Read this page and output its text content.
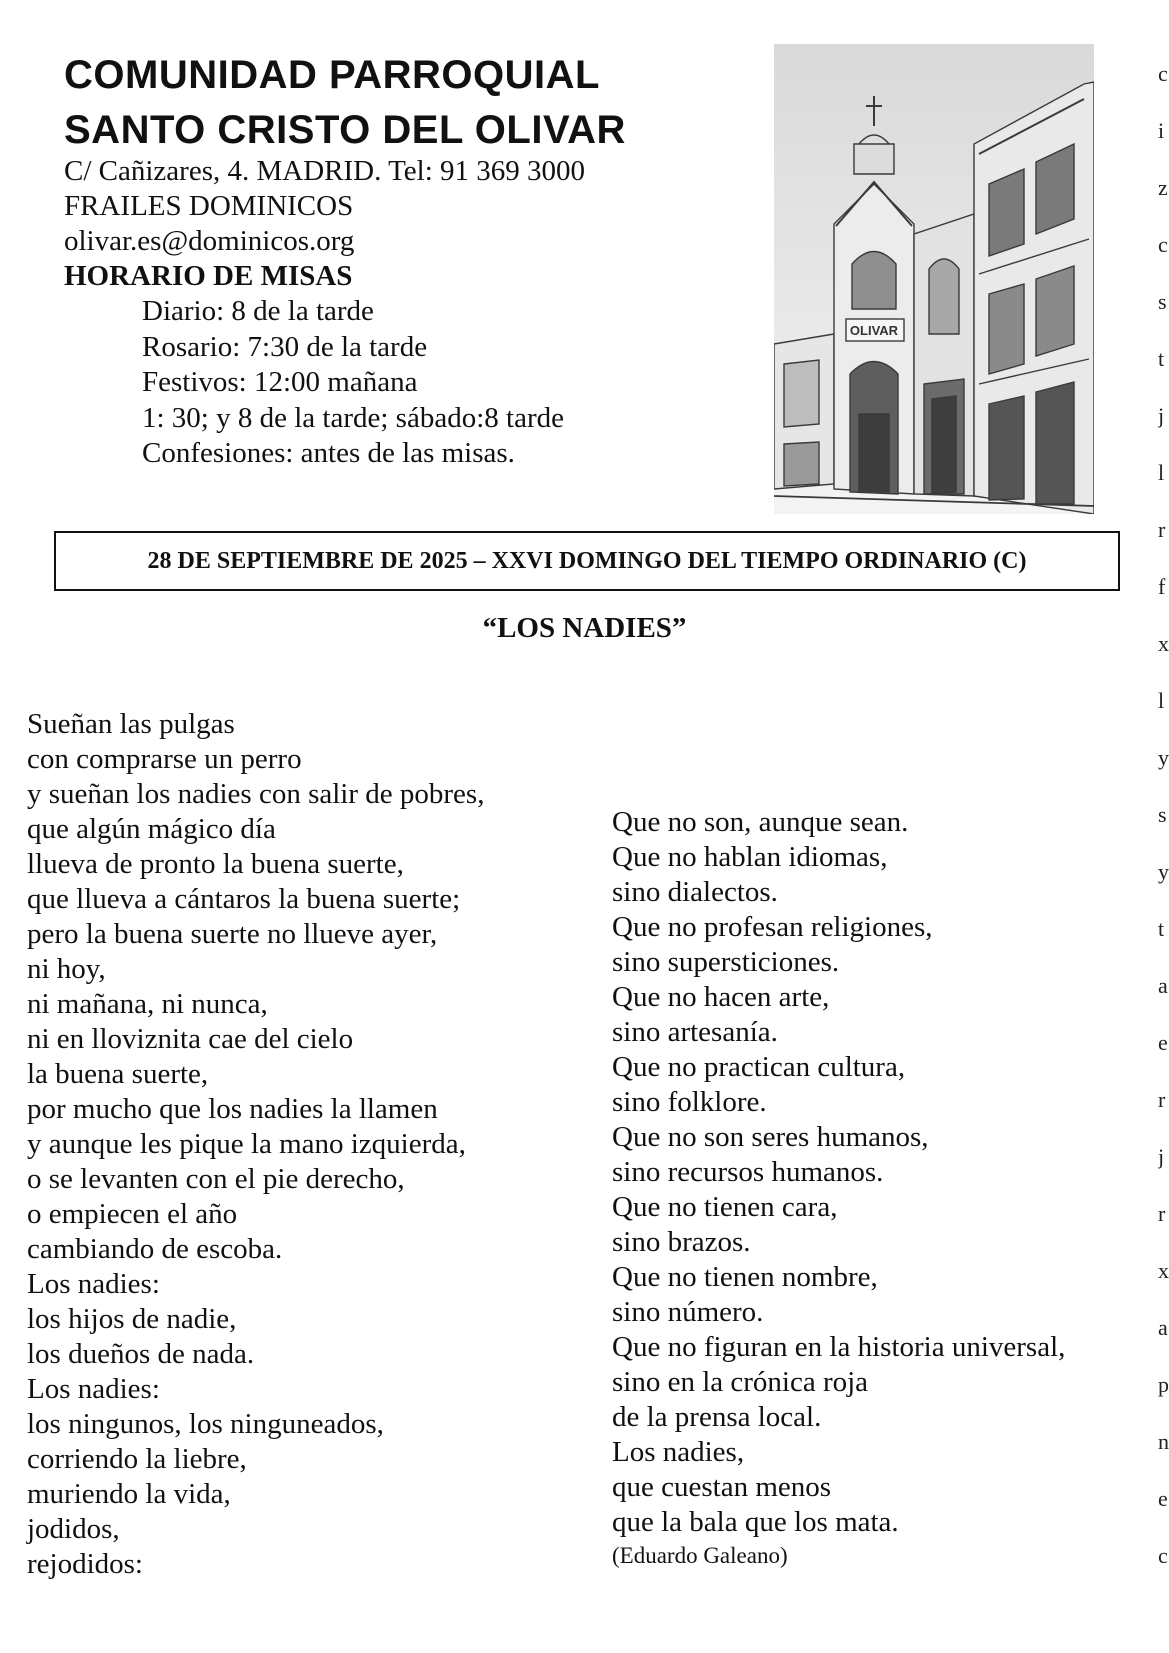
COMUNIDAD PARROQUIAL
SANTO CRISTO DEL OLIVAR
C/ Cañizares, 4. MADRID. Tel: 91 369 3000
FRAILES DOMINICOS
olivar.es@dominicos.org
HORARIO DE MISAS
Diario: 8 de la tarde
Rosario: 7:30 de la tarde
Festivos: 12:00 mañana
1: 30; y 8 de la tarde; sábado:8 tarde
Confesiones: antes de las misas.
OLIVAR
28 DE SEPTIEMBRE DE 2025 – XXVI DOMINGO DEL TIEMPO ORDINARIO (C)
“LOS NADIES”
Sueñan las pulgas
con comprarse un perro
y sueñan los nadies con salir de pobres,
que algún mágico día
llueva de pronto la buena suerte,
que llueva a cántaros la buena suerte;
pero la buena suerte no llueve ayer,
ni hoy,
ni mañana, ni nunca,
ni en lloviznita cae del cielo
la buena suerte,
por mucho que los nadies la llamen
y aunque les pique la mano izquierda,
o se levanten con el pie derecho,
o empiecen el año
cambiando de escoba.
Los nadies:
los hijos de nadie,
los dueños de nada.
Los nadies:
los ningunos, los ninguneados,
corriendo la liebre,
muriendo la vida,
jodidos,
rejodidos:
Que no son, aunque sean.
Que no hablan idiomas,
sino dialectos.
Que no profesan religiones,
sino supersticiones.
Que no hacen arte,
sino artesanía.
Que no practican cultura,
sino folklore.
Que no son seres humanos,
sino recursos humanos.
Que no tienen cara,
sino brazos.
Que no tienen nombre,
sino número.
Que no figuran en la historia universal,
sino en la crónica roja
de la prensa local.
Los nadies,
que cuestan menos
que la bala que los mata.
(Eduardo Galeano)
c
i
z
c
s
t
j
l
r
f
x
l
y
s
y
t
a
e
r
j
r
x
a
p
n
e
c
